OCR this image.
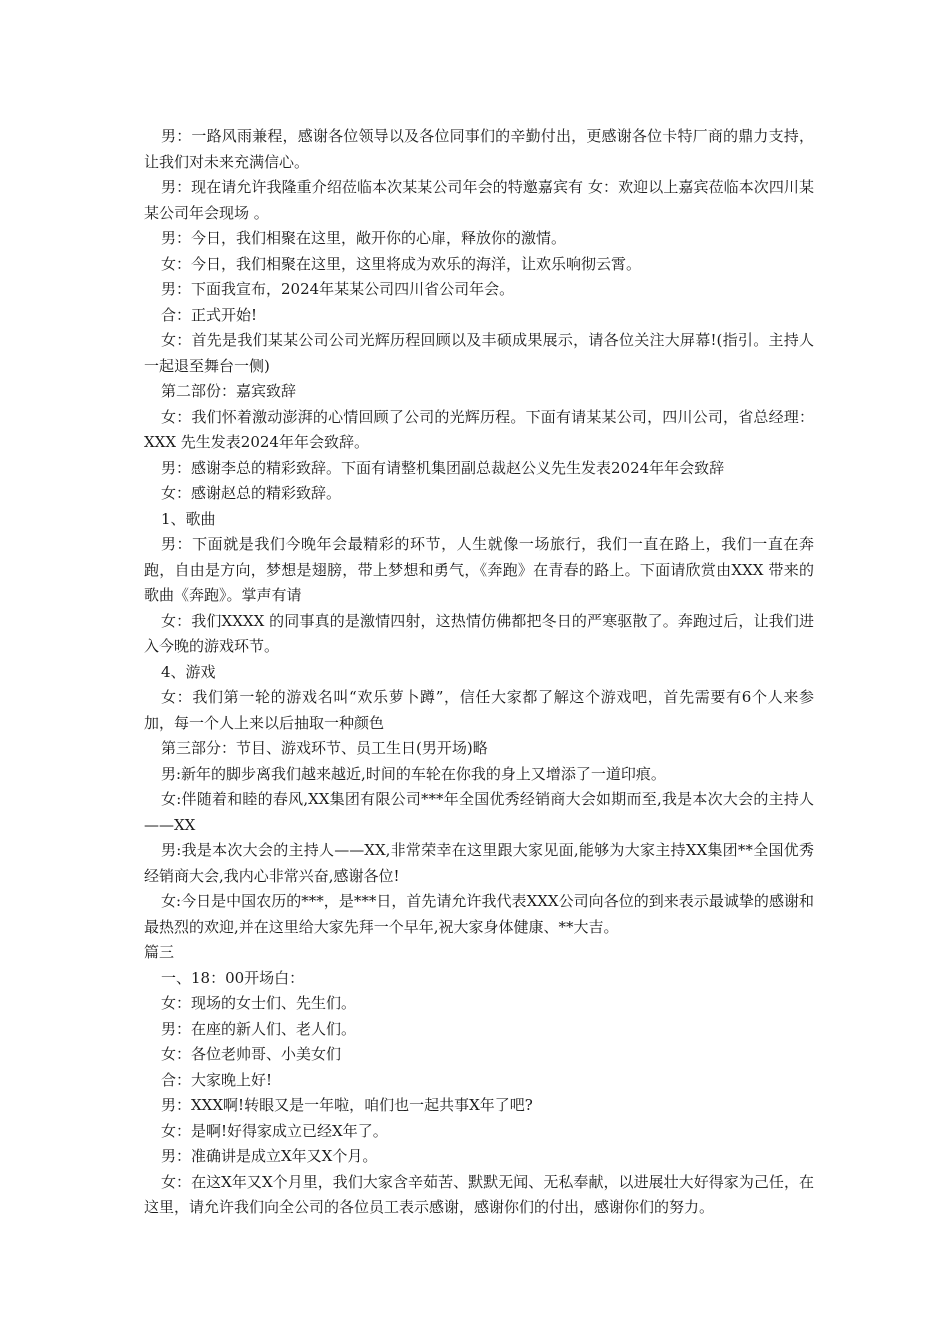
男：一路风雨兼程，感谢各位领导以及各位同事们的辛勤付出，更感谢各位卡特厂商的鼎力支持，让我们对未来充满信心。

男：现在请允许我隆重介绍莅临本次某某公司年会的特邀嘉宾有 女：欢迎以上嘉宾莅临本次四川某某公司年会现场 。

男：今日，我们相聚在这里，敞开你的心扉，释放你的激情。

女：今日，我们相聚在这里，这里将成为欢乐的海洋，让欢乐响彻云霄。

男：下面我宣布，2024年某某公司四川省公司年会。

合：正式开始!

女：首先是我们某某公司公司光辉历程回顾以及丰硕成果展示，请各位关注大屏幕!(指引。主持人一起退至舞台一侧)

第二部份：嘉宾致辞

女：我们怀着激动澎湃的心情回顾了公司的光辉历程。下面有请某某公司，四川公司，省总经理：XXX 先生发表2024年年会致辞。

男：感谢李总的精彩致辞。下面有请整机集团副总裁赵公义先生发表2024年年会致辞

女：感谢赵总的精彩致辞。

1、歌曲

男：下面就是我们今晚年会最精彩的环节，人生就像一场旅行，我们一直在路上，我们一直在奔跑，自由是方向，梦想是翅膀，带上梦想和勇气，《奔跑》在青春的路上。下面请欣赏由XXX 带来的歌曲《奔跑》。掌声有请

女：我们XXXX 的同事真的是激情四射，这热情仿佛都把冬日的严寒驱散了。奔跑过后，让我们进入今晚的游戏环节。

4、游戏

女：我们第一轮的游戏名叫“欢乐萝卜蹲”，信任大家都了解这个游戏吧，首先需要有6个人来参加，每一个人上来以后抽取一种颜色

第三部分：节目、游戏环节、员工生日(男开场)略

男:新年的脚步离我们越来越近,时间的车轮在你我的身上又增添了一道印痕。

女:伴随着和睦的春风,XX集团有限公司***年全国优秀经销商大会如期而至,我是本次大会的主持人——XX

男:我是本次大会的主持人——XX,非常荣幸在这里跟大家见面,能够为大家主持XX集团**全国优秀经销商大会,我内心非常兴奋,感谢各位!

女:今日是中国农历的***，是***日，首先请允许我代表XXX公司向各位的到来表示最诚挚的感谢和最热烈的欢迎,并在这里给大家先拜一个早年,祝大家身体健康、**大吉。

篇三

一、18：00开场白：

女：现场的女士们、先生们。

男：在座的新人们、老人们。

女：各位老帅哥、小美女们

合：大家晚上好!

男：XXX啊!转眼又是一年啦，咱们也一起共事X年了吧?

女：是啊!好得家成立已经X年了。

男：准确讲是成立X年又X个月。

女：在这X年又X个月里，我们大家含辛茹苦、默默无闻、无私奉献，以进展壮大好得家为己任，在这里，请允许我们向全公司的各位员工表示感谢，感谢你们的付出，感谢你们的努力。
